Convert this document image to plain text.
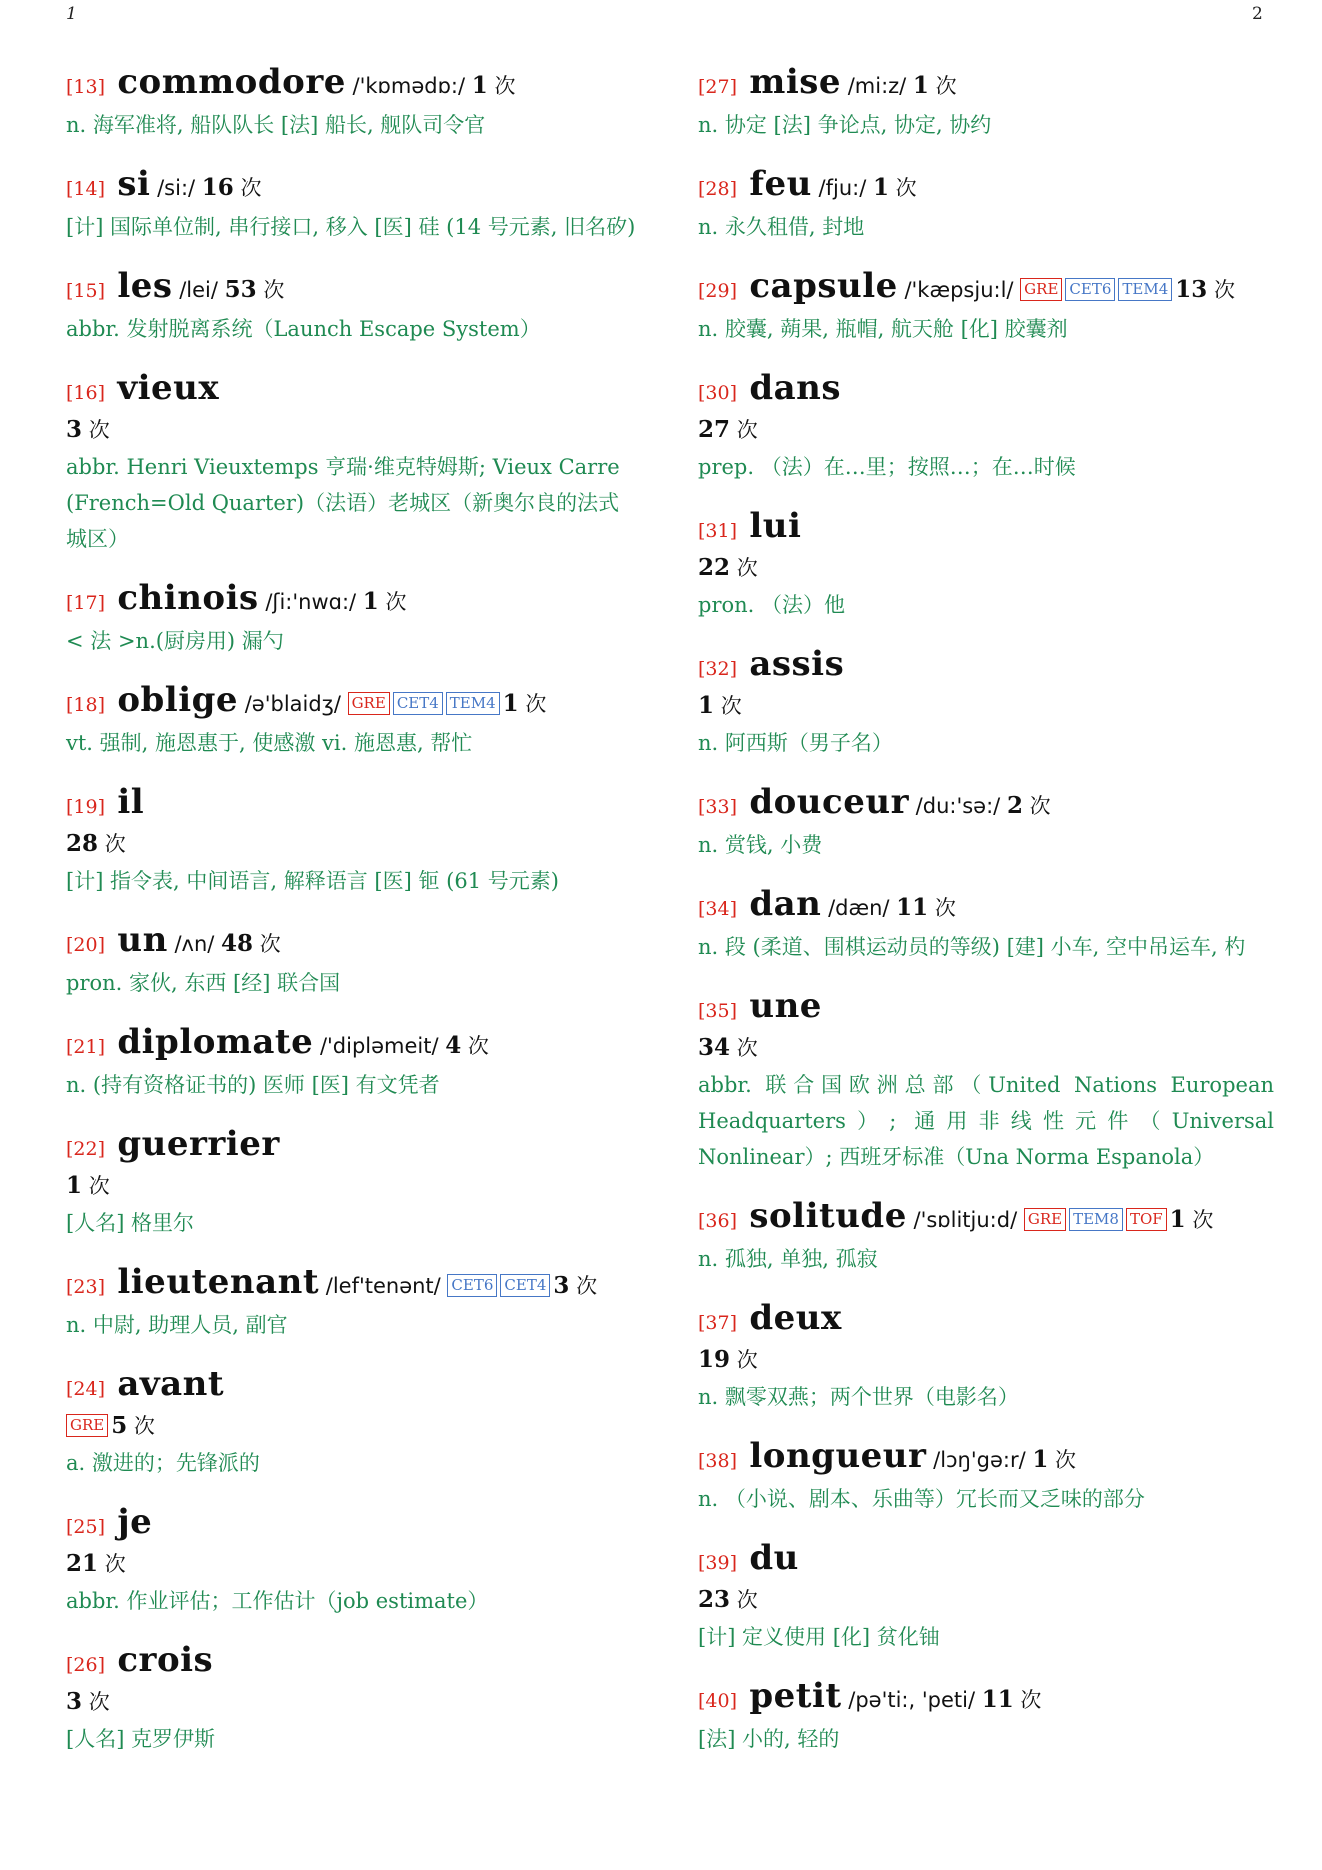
1	2
[13] commodore /'kɒmədɒ:/ 1 次
n. 海军准将, 船队队长 [法] 船长, 舰队司令官
[14] si /si:/ 16 次
[计] 国际单位制, 串行接口, 移入 [医] 硅 (14 号元素, 旧名矽)
[15] les /lei/ 53 次
abbr. 发射脱离系统（Launch Escape System）
[16] vieux
3 次
abbr. Henri Vieuxtemps 亨瑞·维克特姆斯; Vieux Carre (French=Old Quarter)（法语）老城区（新奥尔良的法式城区）
[17] chinois /ʃi:'nwɑ:/ 1 次
< 法 >n.(厨房用) 漏勺
[18] oblige /ə'blaidʒ/ GRE CET4 TEM4 1 次
vt. 强制, 施恩惠于, 使感激 vi. 施恩惠, 帮忙
[19] il
28 次
[计] 指令表, 中间语言, 解释语言 [医] 钷 (61 号元素)
[20] un /ʌn/ 48 次
pron. 家伙, 东西 [经] 联合国
[21] diplomate /'dipləmeit/ 4 次
n. (持有资格证书的) 医师 [医] 有文凭者
[22] guerrier
1 次
[人名] 格里尔
[23] lieutenant /lef'tenənt/ CET6 CET4 3 次
n. 中尉, 助理人员, 副官
[24] avant
GRE 5 次
a. 激进的；先锋派的
[25] je
21 次
abbr. 作业评估；工作估计（job estimate）
[26] crois
3 次
[人名] 克罗伊斯
[27] mise /mi:z/ 1 次
n. 协定 [法] 争论点, 协定, 协约
[28] feu /fju:/ 1 次
n. 永久租借, 封地
[29] capsule /'kæpsju:l/ GRE CET6 TEM4 13 次
n. 胶囊, 蒴果, 瓶帽, 航天舱 [化] 胶囊剂
[30] dans
27 次
prep. （法）在…里；按照…；在…时候
[31] lui
22 次
pron. （法）他
[32] assis
1 次
n. 阿西斯（男子名）
[33] douceur /du:'sə:/ 2 次
n. 赏钱, 小费
[34] dan /dæn/ 11 次
n. 段 (柔道、围棋运动员的等级) [建] 小车, 空中吊运车, 杓
[35] une
34 次
abbr. 联合国欧洲总部（United Nations European Headquarters）; 通用非线性元件（Universal Nonlinear）; 西班牙标准（Una Norma Espanola）
[36] solitude /'sɒlitju:d/ GRE TEM8 TOF 1 次
n. 孤独, 单独, 孤寂
[37] deux
19 次
n. 飘零双燕；两个世界（电影名）
[38] longueur /lɔŋ'gə:r/ 1 次
n. （小说、剧本、乐曲等）冗长而又乏味的部分
[39] du
23 次
[计] 定义使用 [化] 贫化铀
[40] petit /pə'ti:, 'peti/ 11 次
[法] 小的, 轻的
